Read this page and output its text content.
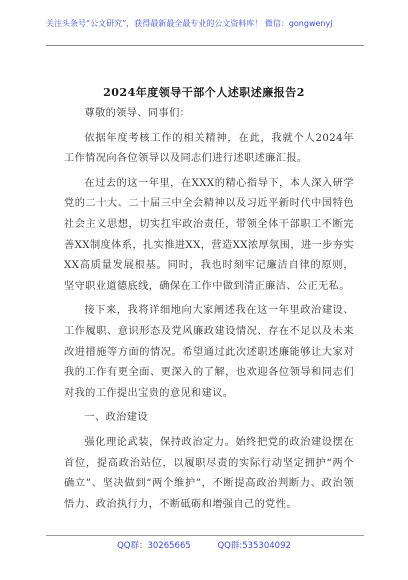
关注头条号“公文研究”，获得最新最全最专业的公文资料库！ 微信：gongwenyj
2024年度领导干部个人述职述廉报告2

尊敬的领导、同事们：

依据年度考核工作的相关精神，在此，我就个人2024年工作情况向各位领导以及同志们进行述职述廉汇报。

在过去的这一年里，在XXX的精心指导下，本人深入研学党的二十大、二十届三中全会精神以及习近平新时代中国特色社会主义思想，切实扛牢政治责任，带领全体干部职工不断完善XX制度体系，扎实推进XX，营造XX浓厚氛围，进一步夯实XX高质量发展根基。同时，我也时刻牢记廉洁自律的原则，坚守职业道德底线，确保在工作中做到清正廉洁、公正无私。

接下来，我将详细地向大家阐述我在这一年里政治建设、工作履职、意识形态及党风廉政建设情况、存在不足以及未来改进措施等方面的情况。希望通过此次述职述廉能够让大家对我的工作有更全面、更深入的了解，也欢迎各位领导和同志们对我的工作提出宝贵的意见和建议。

一、政治建设

强化理论武装，保持政治定力。始终把党的政治建设摆在首位，提高政治站位，以履职尽责的实际行动坚定拥护“两个确立”、坚决做到“两个维护”，不断提高政治判断力、政治领悟力、政治执行力，不断砥砺和增强自己的党性。

QQ群：30265665	QQ群:535304092
